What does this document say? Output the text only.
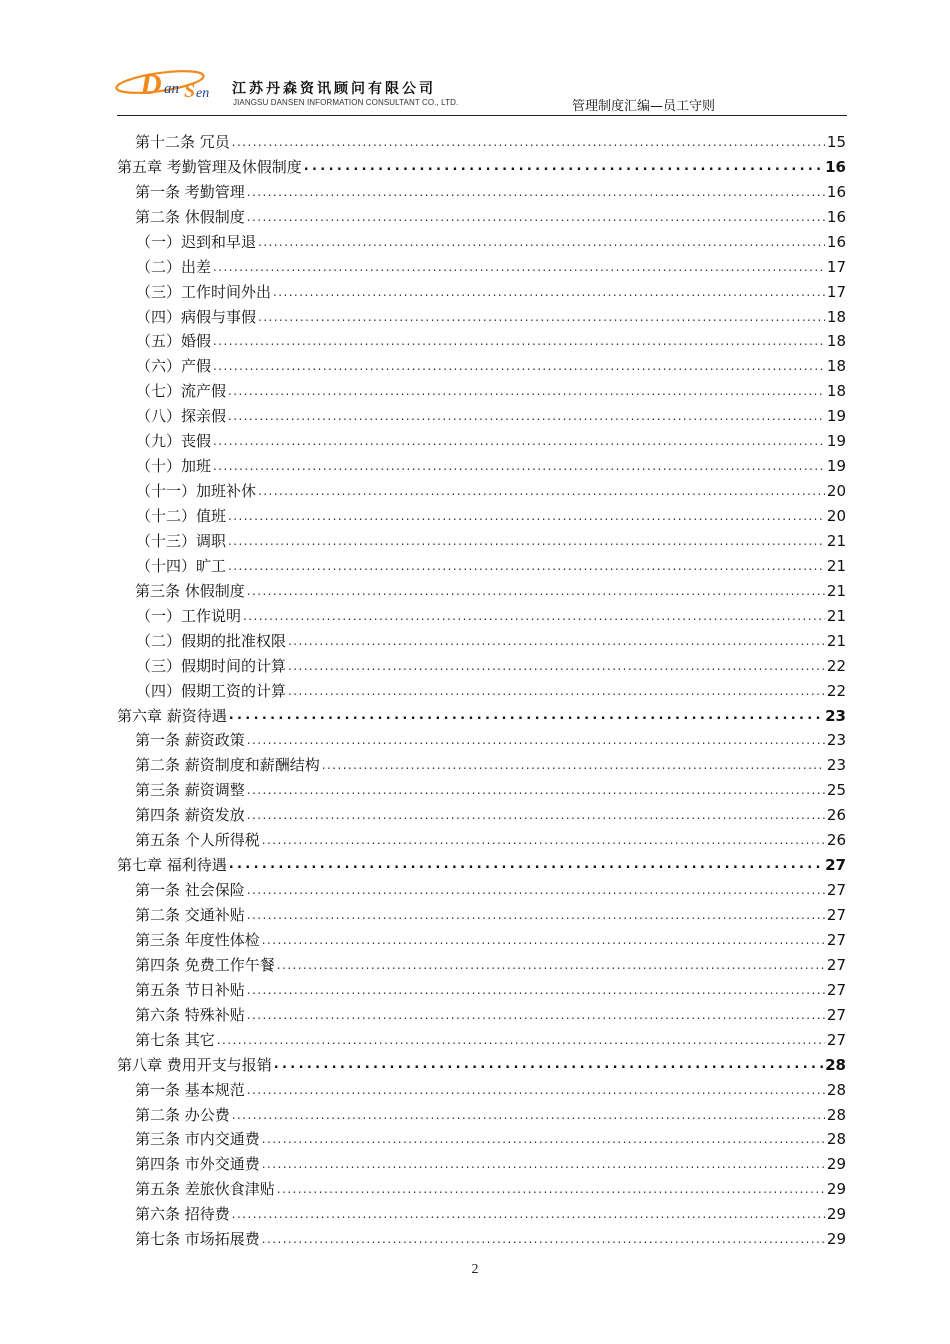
D an S en 江苏丹森资讯顾问有限公司
JIANGSU DANSEN INFORMATION CONSULTANT CO., LTD.	管理制度汇编—员工守则
第十二条 冗员 . . .	15
第五章 考勤管理及休假制度 . . .	16
第一条 考勤管理 . . .	16
第二条 休假制度 . . .	16
（一）迟到和早退 . . .	16
（二）出差 . . .	17
（三）工作时间外出 . . .	17
（四）病假与事假 . . .	18
（五）婚假 . . .	18
（六）产假 . . .	18
（七）流产假 . . .	18
（八）探亲假 . . .	19
（九）丧假 . . .	19
（十）加班 . . .	19
（十一）加班补休 . . .	20
（十二）值班 . . .	20
（十三）调职 . . .	21
（十四）旷工 . . .	21
第三条 休假制度 . . .	21
（一）工作说明 . . .	21
（二）假期的批准权限 . . .	21
（三）假期时间的计算 . . .	22
（四）假期工资的计算 . . .	22
第六章 薪资待遇 . . .	23
第一条 薪资政策 . . .	23
第二条 薪资制度和薪酬结构 . . .	23
第三条 薪资调整 . . .	25
第四条 薪资发放 . . .	26
第五条 个人所得税 . . .	26
第七章 福利待遇 . . .	27
第一条 社会保险 . . .	27
第二条 交通补贴 . . .	27
第三条 年度性体检 . . .	27
第四条 免费工作午餐 . . .	27
第五条 节日补贴 . . .	27
第六条 特殊补贴 . . .	27
第七条 其它 . . .	27
第八章 费用开支与报销 . . .	28
第一条 基本规范 . . .	28
第二条 办公费 . . .	28
第三条 市内交通费 . . .	28
第四条 市外交通费 . . .	29
第五条 差旅伙食津贴 . . .	29
第六条 招待费 . . .	29
第七条 市场拓展费 . . .	29
2
